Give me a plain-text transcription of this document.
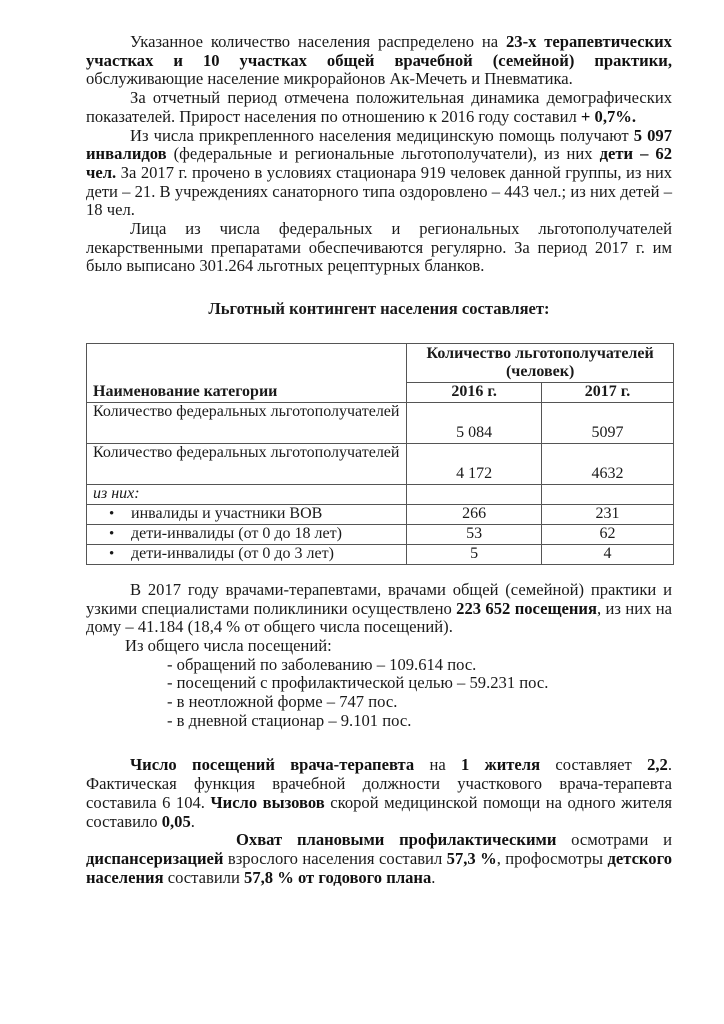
Указанное количество населения распределено на 23-х терапевтических участках и 10 участках общей врачебной (семейной) практики, обслуживающие население микрорайонов Ак-Мечеть и Пневматика.

За отчетный период отмечена положительная динамика демографических показателей. Прирост населения по отношению к 2016 году составил + 0,7%.

Из числа прикрепленного населения медицинскую помощь получают 5 097 инвалидов (федеральные и региональные льготополучатели), из них дети – 62 чел. За 2017 г. прочено в условиях стационара 919 человек данной группы, из них дети – 21. В учреждениях санаторного типа оздоровлено – 443 чел.; из них детей – 18 чел.

Лица из числа федеральных и региональных льготополучателей лекарственными препаратами обеспечиваются регулярно. За период 2017 г. им было выписано 301.264 льготных рецептурных бланков.

Льготный контингент населения составляет:

Наименование категории	Количество льготополучателей (человек)	
	2016 г.	2017 г.
Количество федеральных льготополучателей	5 084	5097
Количество федеральных льготополучателей	4 172	4632
из них:		
• инвалиды и участники ВОВ	266	231
• дети-инвалиды (от 0 до 18 лет)	53	62
• дети-инвалиды (от 0 до 3 лет)	5	4

В 2017 году врачами-терапевтами, врачами общей (семейной) практики и узкими специалистами поликлиники осуществлено 223 652 посещения, из них на дому – 41.184 (18,4 % от общего числа посещений).

Из общего числа посещений:

- обращений по заболеванию – 109.614 пос.

- посещений с профилактической целью – 59.231 пос.

- в неотложной форме – 747 пос.

- в дневной стационар – 9.101 пос.

Число посещений врача-терапевта на 1 жителя составляет 2,2. Фактическая функция врачебной должности участкового врача-терапевта составила 6 104. Число вызовов скорой медицинской помощи на одного жителя составило 0,05.

Охват плановыми профилактическими осмотрами и диспансеризацией взрослого населения составил 57,3 %, профосмотры детского населения составили 57,8 % от годового плана.
